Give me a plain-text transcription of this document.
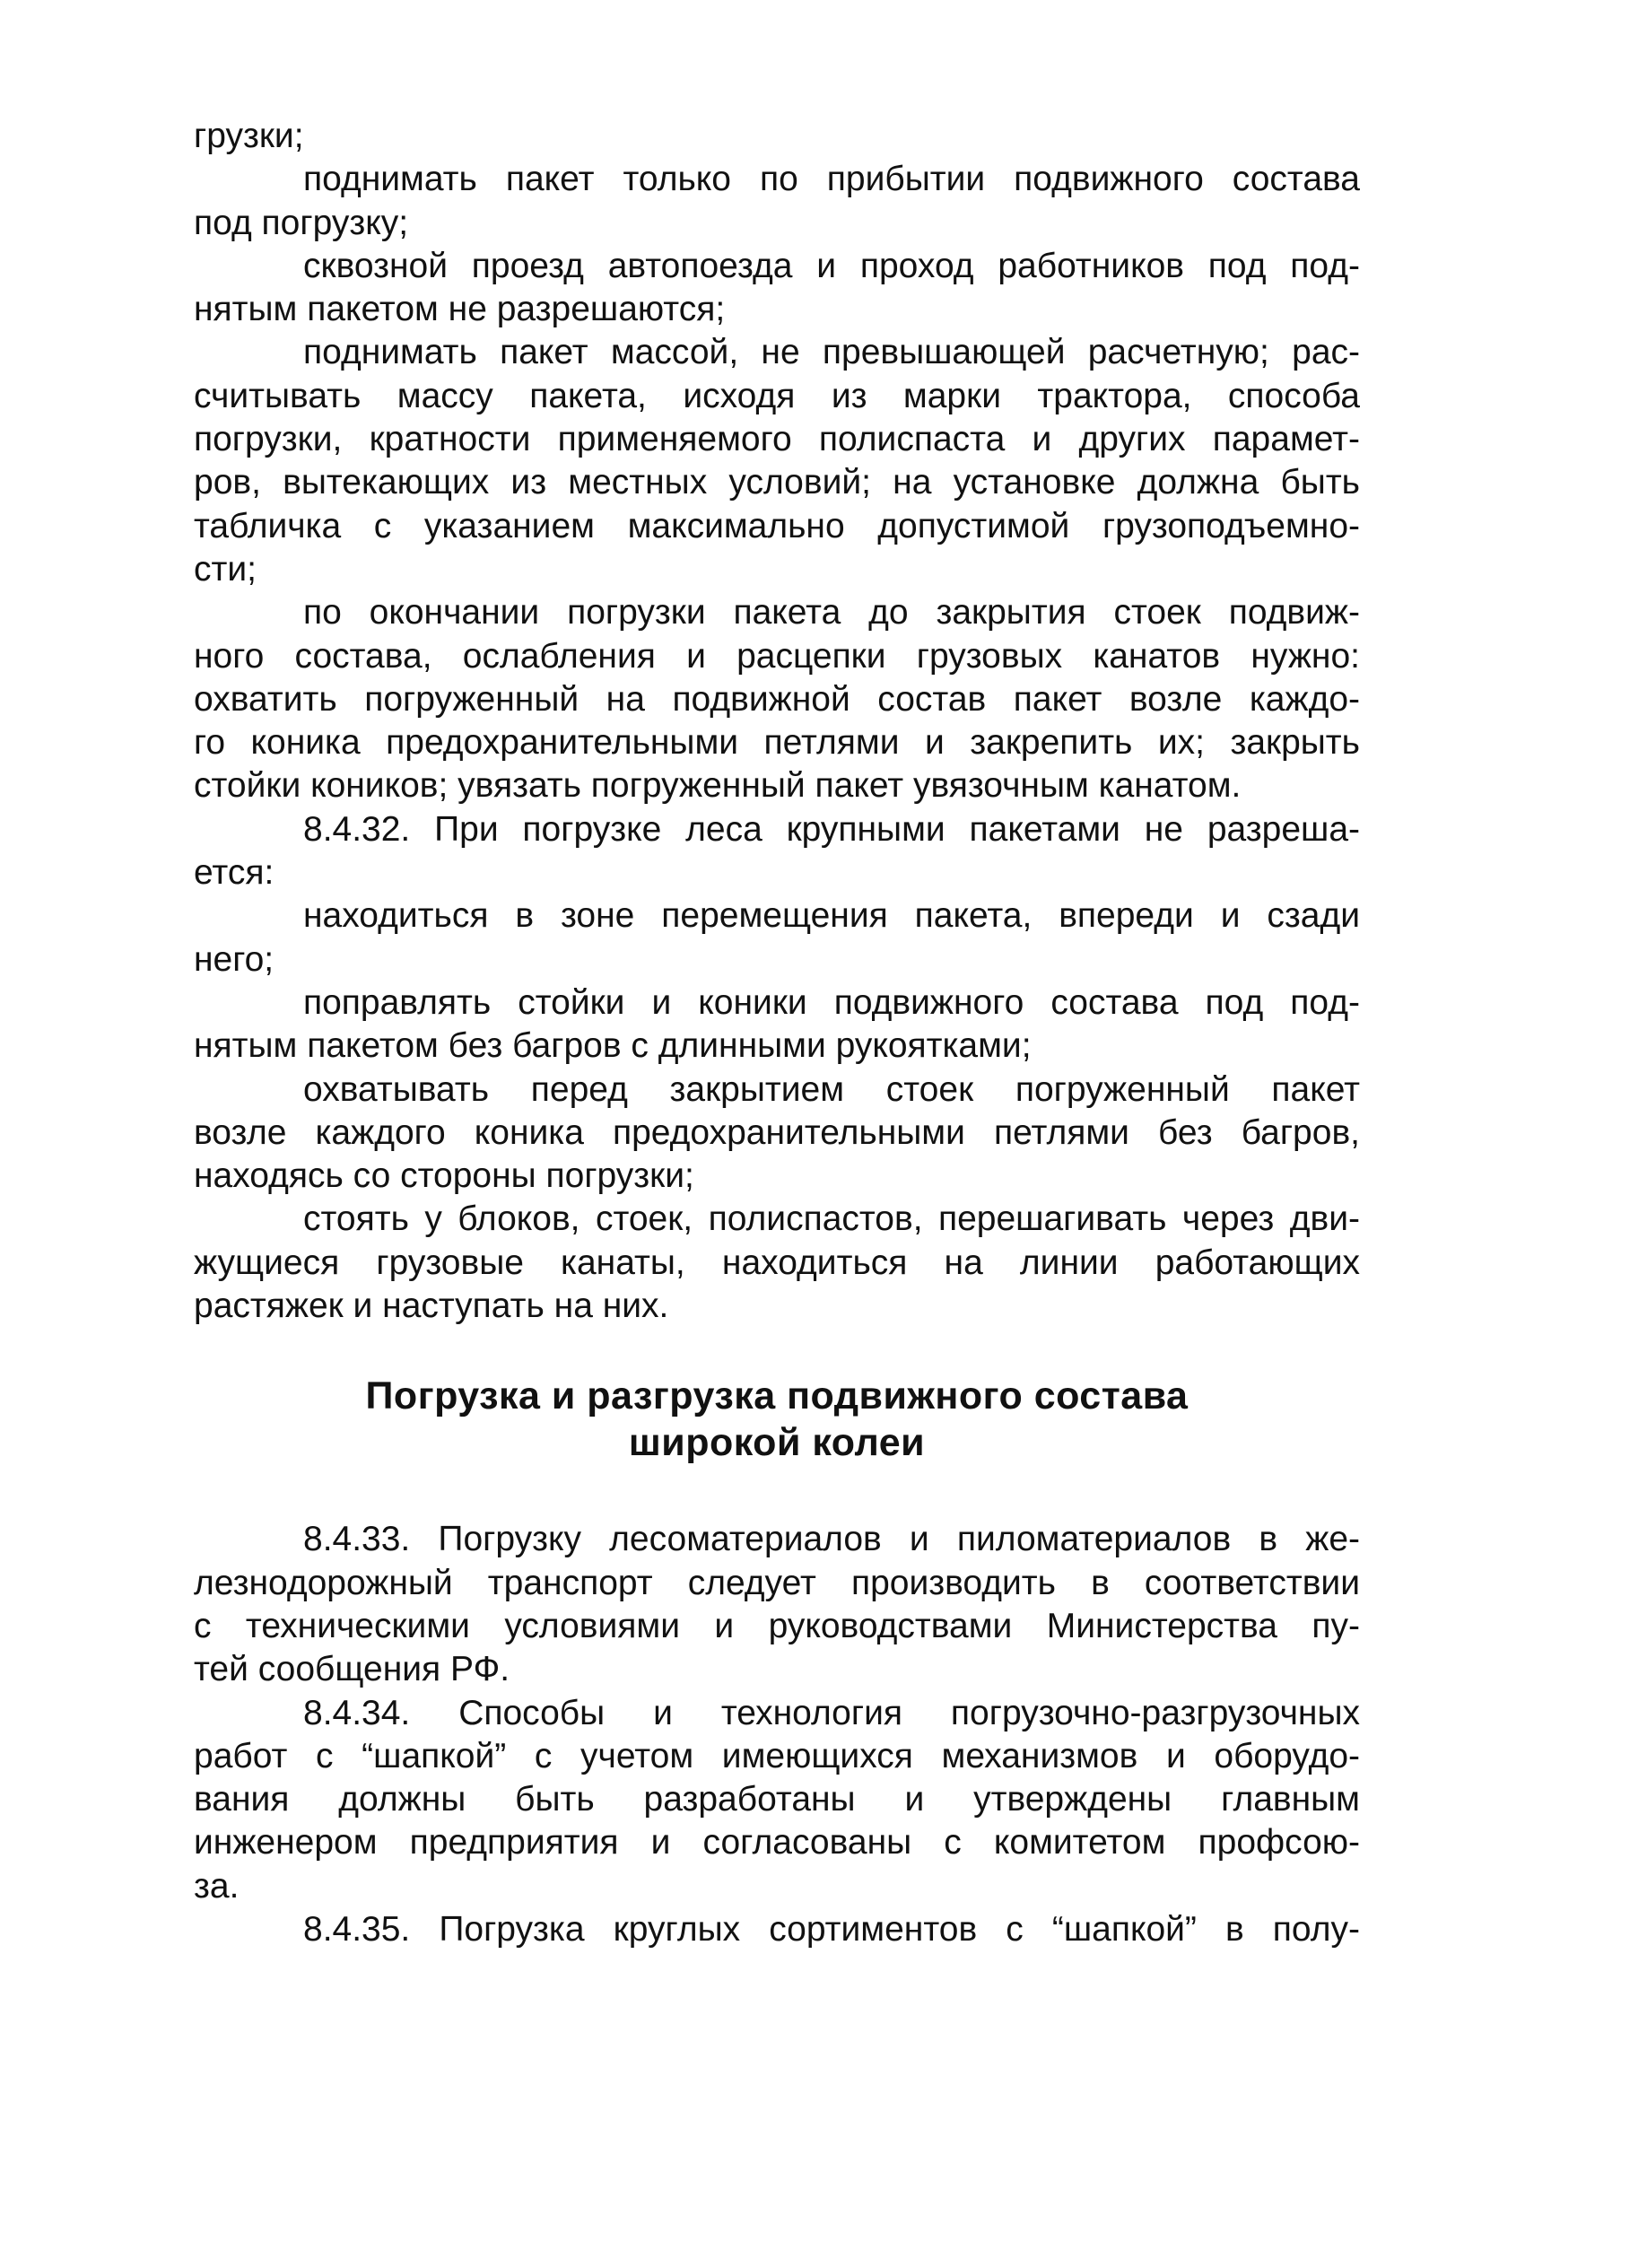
грузки;
поднимать пакет только по прибытии подвижного состава
под погрузку;
сквозной проезд автопоезда и проход работников под под-
нятым пакетом не разрешаются;
поднимать пакет массой, не превышающей расчетную; рас-
считывать массу пакета, исходя из марки трактора, способа
погрузки, кратности применяемого полиспаста и других парамет-
ров, вытекающих из местных условий; на установке должна быть
табличка с указанием максимально допустимой грузоподъемно-
сти;
по окончании погрузки пакета до закрытия стоек подвиж-
ного состава, ослабления и расцепки грузовых канатов нужно:
охватить погруженный на подвижной состав пакет возле каждо-
го коника предохранительными петлями и закрепить их; закрыть
стойки коников; увязать погруженный пакет увязочным канатом.
8.4.32. При погрузке леса крупными пакетами не разреша-
ется:
находиться в зоне перемещения пакета, впереди и сзади
него;
поправлять стойки и коники подвижного состава под под-
нятым пакетом без багров с длинными рукоятками;
охватывать перед закрытием стоек погруженный пакет
возле каждого коника предохранительными петлями без багров,
находясь со стороны погрузки;
стоять у блоков, стоек, полиспастов, перешагивать через дви-
жущиеся грузовые канаты, находиться на линии работающих
растяжек и наступать на них.
Погрузка и разгрузка подвижного состава
широкой колеи
8.4.33. Погрузку лесоматериалов и пиломатериалов в же-
лезнодорожный транспорт следует производить в соответствии
с техническими условиями и руководствами Министерства пу-
тей сообщения РФ.
8.4.34. Способы и технология погрузочно-разгрузочных
работ с “шапкой” с учетом имеющихся механизмов и оборудо-
вания должны быть разработаны и утверждены главным
инженером предприятия и согласованы с комитетом профсою-
за.
8.4.35. Погрузка круглых сортиментов с “шапкой” в полу-
